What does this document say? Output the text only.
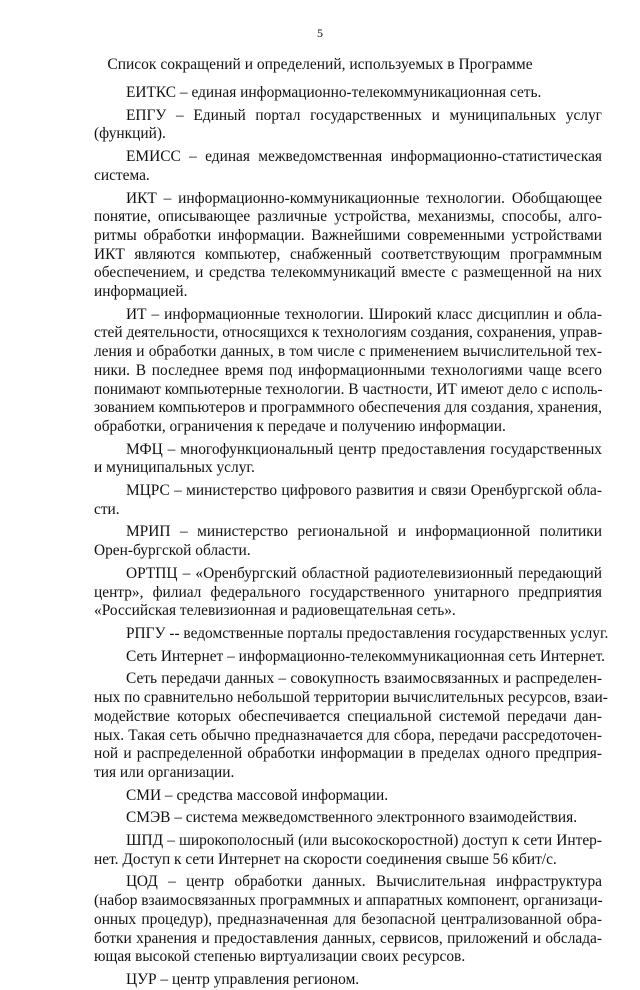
5
Список сокращений и определений, используемых в Программе
ЕИТКС – единая информационно-телекоммуникационная сеть.
ЕПГУ – Единый портал государственных и муниципальных услуг
(функций).
ЕМИСС – единая межведомственная информационно-статистическая
система.
ИКТ – информационно-коммуникационные технологии. Обобщающее
понятие, описывающее различные устройства, механизмы, способы, алго-
ритмы обработки информации. Важнейшими современными устройствами
ИКТ являются компьютер, снабженный соответствующим программным
обеспечением, и средства телекоммуникаций вместе с размещенной на них
информацией.
ИТ – информационные технологии. Широкий класс дисциплин и обла-
стей деятельности, относящихся к технологиям создания, сохранения, управ-
ления и обработки данных, в том числе с применением вычислительной тех-
ники. В последнее время под информационными технологиями чаще всего
понимают компьютерные технологии. В частности, ИТ имеют дело с исполь-
зованием компьютеров и программного обеспечения для создания, хранения,
обработки, ограничения к передаче и получению информации.
МФЦ – многофункциональный центр предоставления государственных
и муниципальных услуг.
МЦРС – министерство цифрового развития и связи Оренбургской обла-
сти.
МРИП – министерство региональной и информационной политики
Орен-бургской области.
ОРТПЦ – «Оренбургский областной радиотелевизионный передающий
центр», филиал федерального государственного унитарного предприятия
«Российская телевизионная и радиовещательная сеть».
РПГУ -- ведомственные порталы предоставления государственных услуг.
Сеть Интернет – информационно-телекоммуникационная сеть Интернет.
Сеть передачи данных – совокупность взаимосвязанных и распределен-
ных по сравнительно небольшой территории вычислительных ресурсов, взаи-
модействие которых обеспечивается специальной системой передачи дан-
ных. Такая сеть обычно предназначается для сбора, передачи рассредоточен-
ной и распределенной обработки информации в пределах одного предприя-
тия или организации.
СМИ – средства массовой информации.
СМЭВ – система межведомственного электронного взаимодействия.
ШПД – широкополосный (или высокоскоростной) доступ к сети Интер-
нет. Доступ к сети Интернет на скорости соединения свыше 56 кбит/с.
ЦОД – центр обработки данных. Вычислительная инфраструктура
(набор взаимосвязанных программных и аппаратных компонент, организаци-
онных процедур), предназначенная для безопасной централизованной обра-
ботки хранения и предоставления данных, сервисов, приложений и обслада-
ющая высокой степенью виртуализации своих ресурсов.
ЦУР – центр управления регионом.
